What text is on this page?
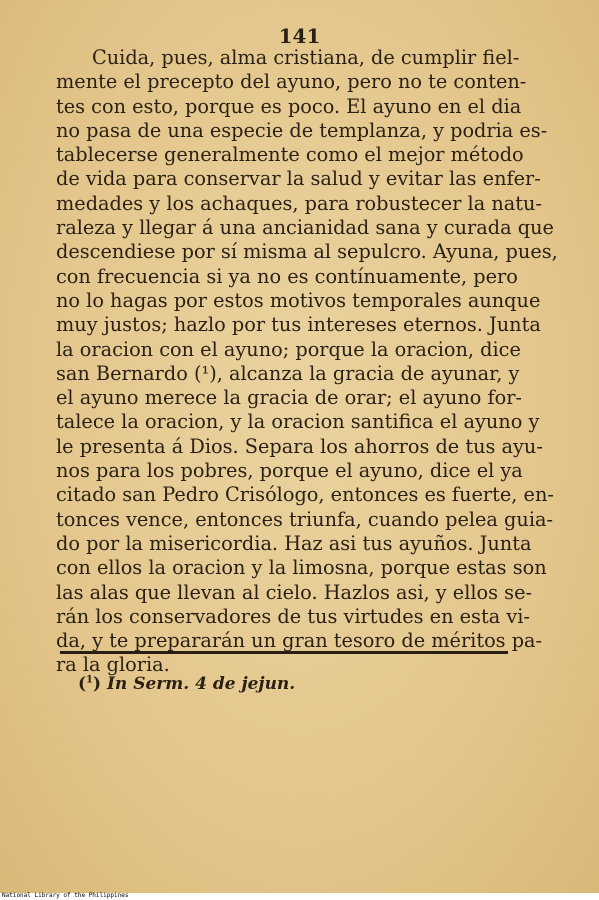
141
Cuida, pues, alma cristiana, de cumplir fiel-
mente el precepto del ayuno, pero no te conten-
tes con esto, porque es poco. El ayuno en el dia
no pasa de una especie de templanza, y podria es-
tablecerse generalmente como el mejor método
de vida para conservar la salud y evitar las enfer-
medades y los achaques, para robustecer la natu-
raleza y llegar á una ancianidad sana y curada que
descendiese por sí misma al sepulcro. Ayuna, pues,
con frecuencia si ya no es contínuamente, pero
no lo hagas por estos motivos temporales aunque
muy justos; hazlo por tus intereses eternos. Junta
la oracion con el ayuno; porque la oracion, dice
san Bernardo (¹), alcanza la gracia de ayunar, y
el ayuno merece la gracia de orar; el ayuno for-
talece la oracion, y la oracion santifica el ayuno y
le presenta á Dios. Separa los ahorros de tus ayu-
nos para los pobres, porque el ayuno, dice el ya
citado san Pedro Crisólogo, entonces es fuerte, en-
tonces vence, entonces triunfa, cuando pelea guia-
do por la misericordia. Haz asi tus ayuños. Junta
con ellos la oracion y la limosna, porque estas son
las alas que llevan al cielo. Hazlos asi, y ellos se-
rán los conservadores de tus virtudes en esta vi-
da, y te prepararán un gran tesoro de méritos pa-
ra la gloria.
($^1$) In Serm. 4 de jejun.
National Library of the Philippines
